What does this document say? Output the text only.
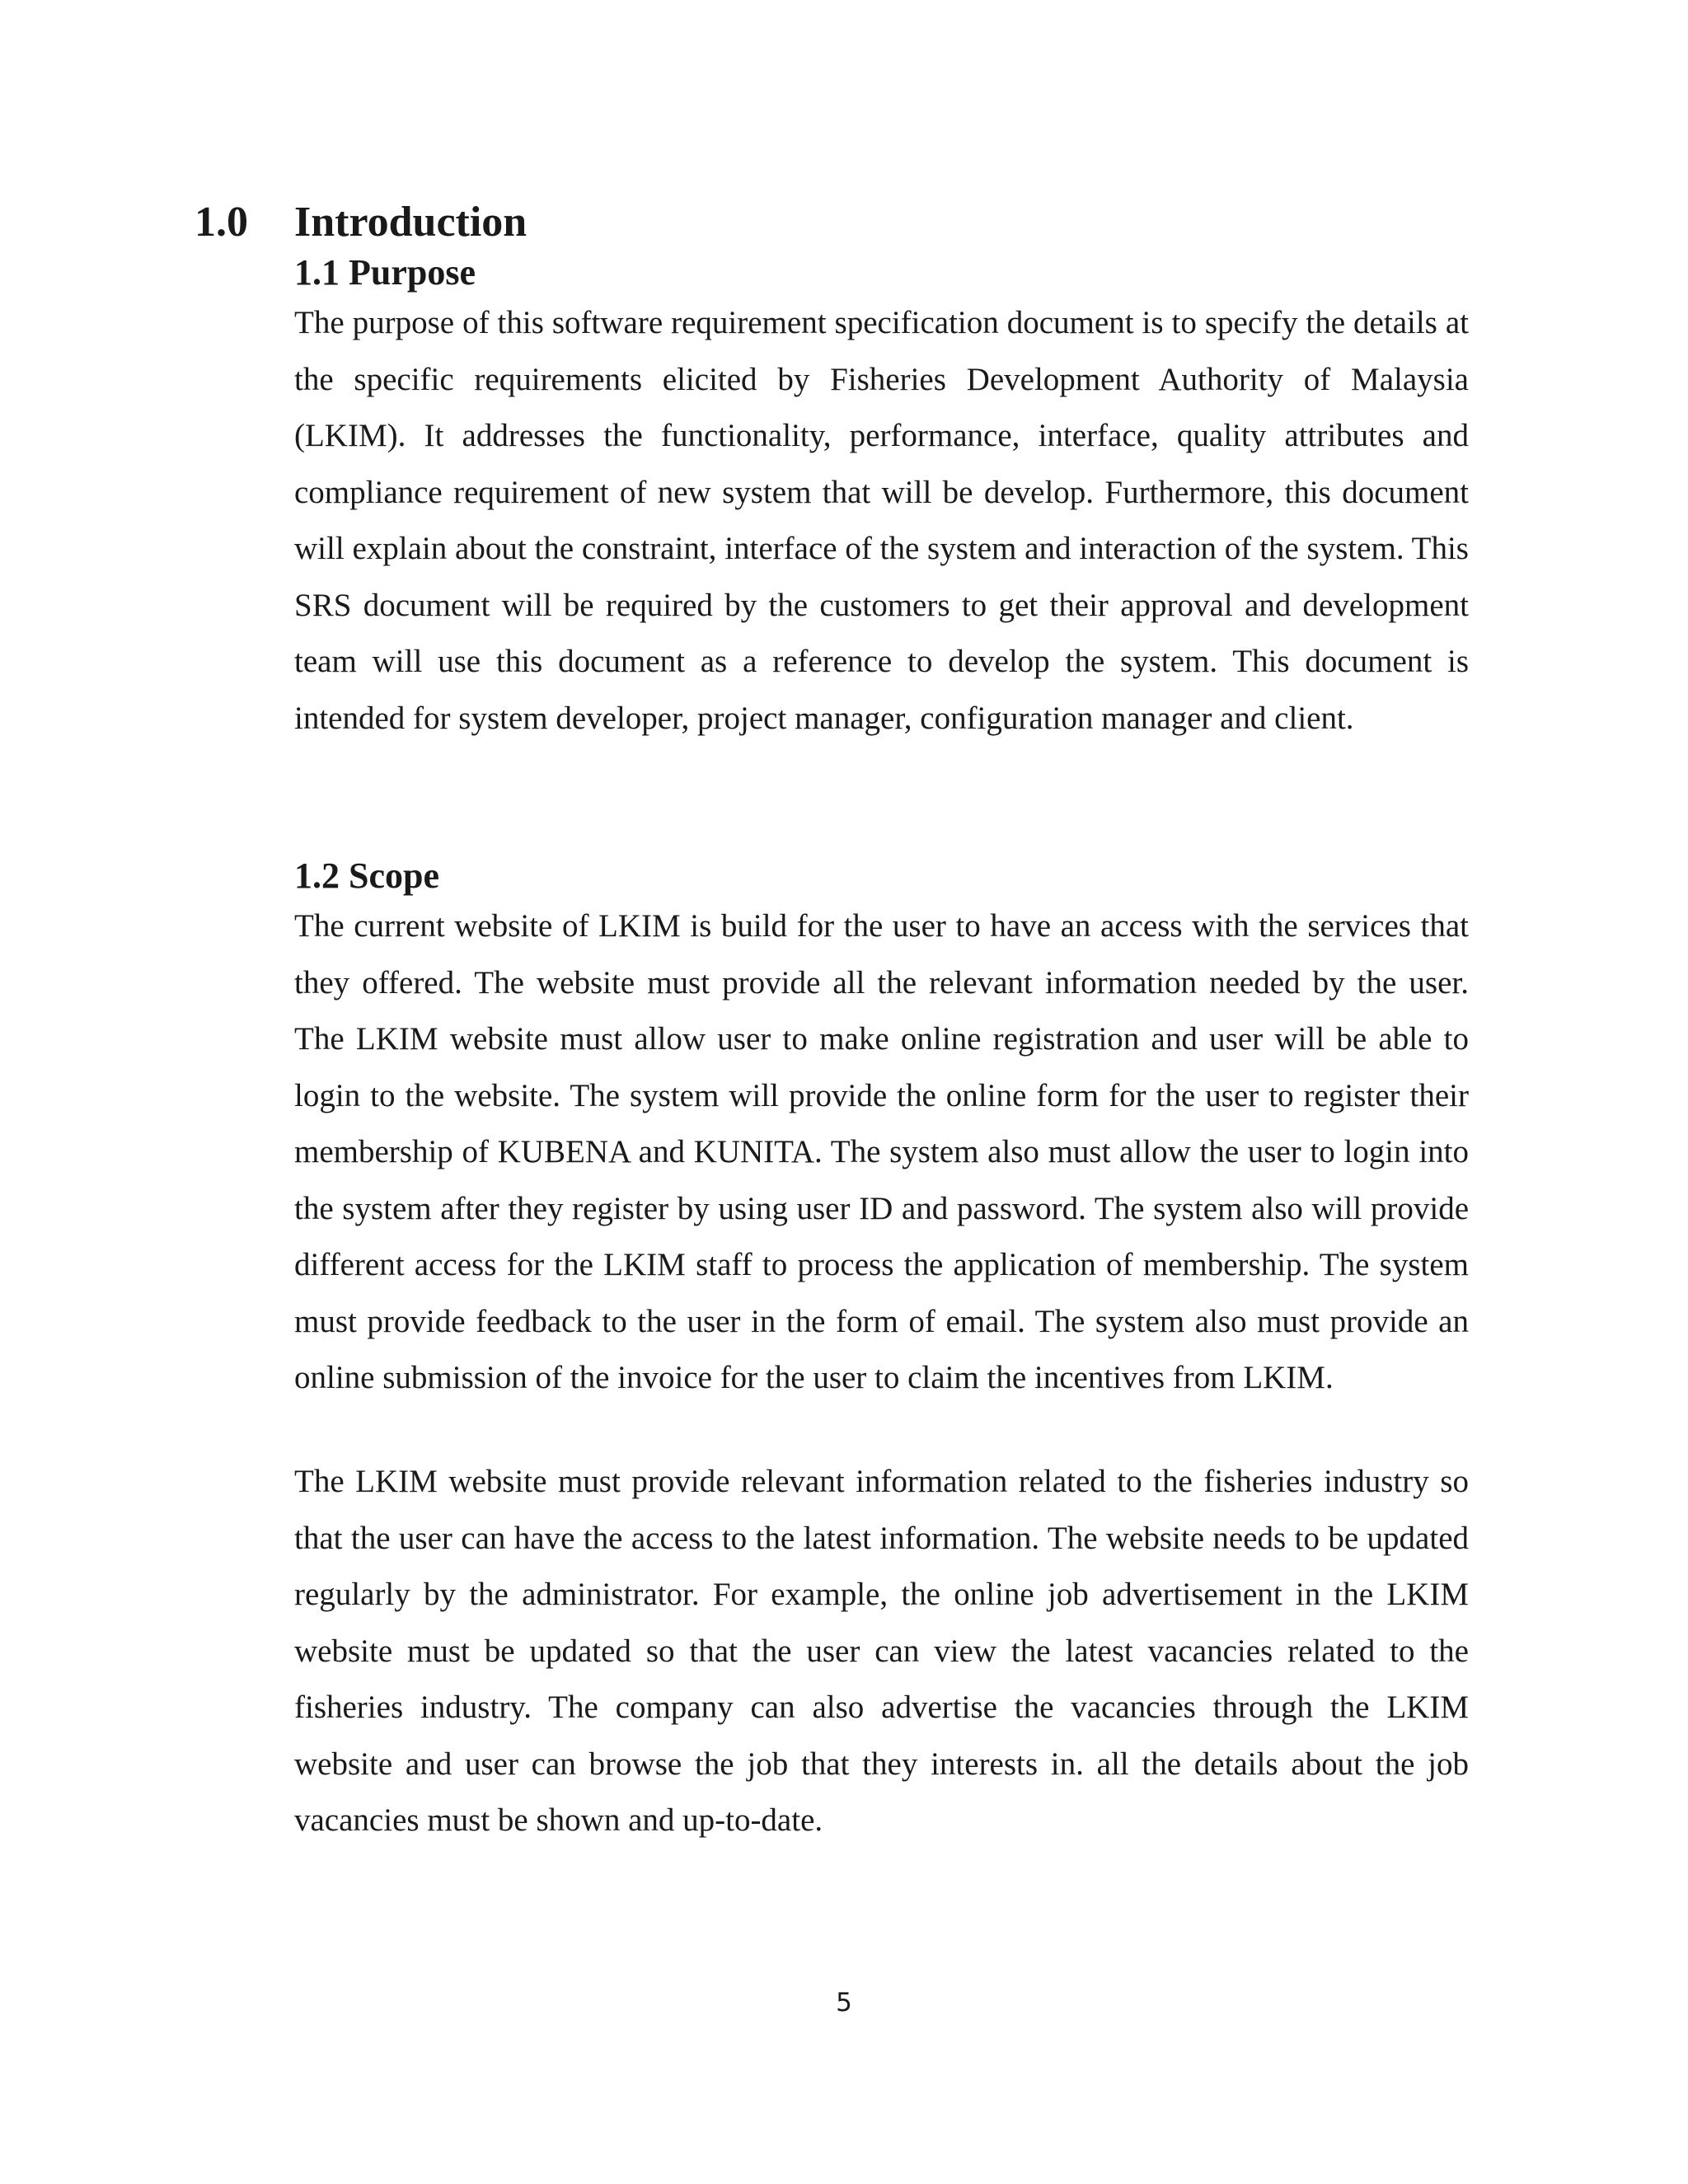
1.0 Introduction
1.1 Purpose

The purpose of this software requirement specification document is to specify the details at the specific requirements elicited by Fisheries Development Authority of Malaysia (LKIM). It addresses the functionality, performance, interface, quality attributes and compliance requirement of new system that will be develop. Furthermore, this document will explain about the constraint, interface of the system and interaction of the system. This SRS document will be required by the customers to get their approval and development team will use this document as a reference to develop the system. This document is intended for system developer, project manager, configuration manager and client.

1.2 Scope

The current website of LKIM is build for the user to have an access with the services that they offered. The website must provide all the relevant information needed by the user. The LKIM website must allow user to make online registration and user will be able to login to the website. The system will provide the online form for the user to register their membership of KUBENA and KUNITA. The system also must allow the user to login into the system after they register by using user ID and password. The system also will provide different access for the LKIM staff to process the application of membership. The system must provide feedback to the user in the form of email. The system also must provide an online submission of the invoice for the user to claim the incentives from LKIM.

The LKIM website must provide relevant information related to the fisheries industry so that the user can have the access to the latest information. The website needs to be updated regularly by the administrator. For example, the online job advertisement in the LKIM website must be updated so that the user can view the latest vacancies related to the fisheries industry. The company can also advertise the vacancies through the LKIM website and user can browse the job that they interests in. all the details about the job vacancies must be shown and up-to-date.

5
